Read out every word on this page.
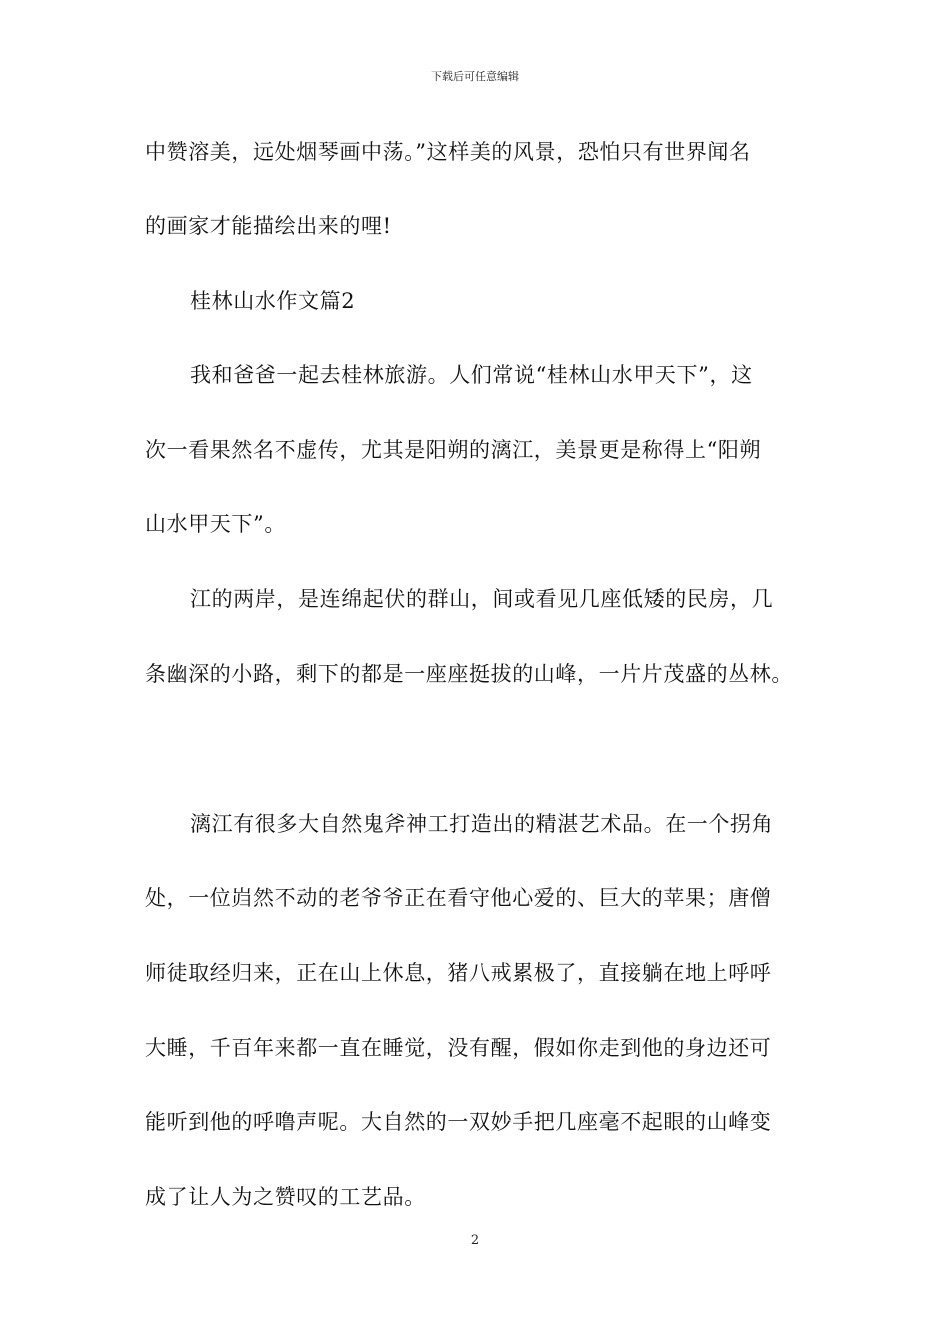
下载后可任意编辑
中赞溶美，远处烟琴画中荡。”这样美的风景，恐怕只有世界闻名
的画家才能描绘出来的哩!
桂林山水作文篇2
我和爸爸一起去桂林旅游。人们常说“桂林山水甲天下”，这
次一看果然名不虚传，尤其是阳朔的漓江，美景更是称得上“阳朔
山水甲天下”。
江的两岸，是连绵起伏的群山，间或看见几座低矮的民房，几
条幽深的小路，剩下的都是一座座挺拔的山峰，一片片茂盛的丛林。
漓江有很多大自然鬼斧神工打造出的精湛艺术品。在一个拐角
处，一位岿然不动的老爷爷正在看守他心爱的、巨大的苹果；唐僧
师徒取经归来，正在山上休息，猪八戒累极了，直接躺在地上呼呼
大睡，千百年来都一直在睡觉，没有醒，假如你走到他的身边还可
能听到他的呼噜声呢。大自然的一双妙手把几座毫不起眼的山峰变
成了让人为之赞叹的工艺品。
2
